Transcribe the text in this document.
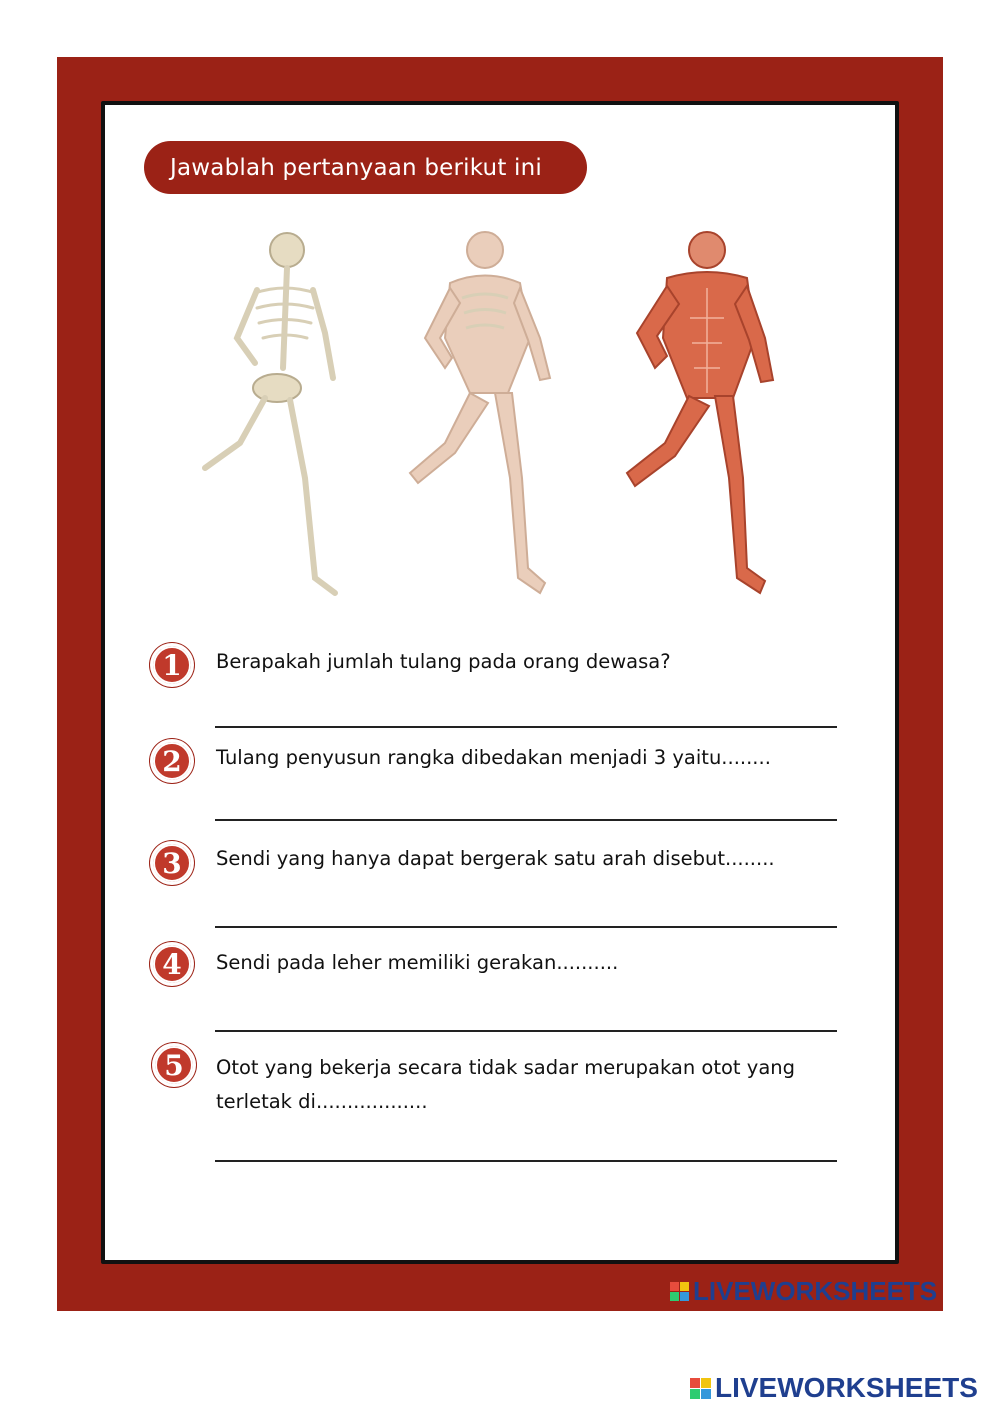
Jawablah pertanyaan berikut ini
1 Berapakah jumlah tulang pada orang dewasa?
2 Tulang penyusun rangka dibedakan menjadi 3 yaitu........
3 Sendi yang hanya dapat bergerak satu arah disebut........
4 Sendi pada leher memiliki gerakan..........
5 Otot yang bekerja secara tidak sadar merupakan otot yang terletak di..................
LIVEWORKSHEETS
LIVEWORKSHEETS
